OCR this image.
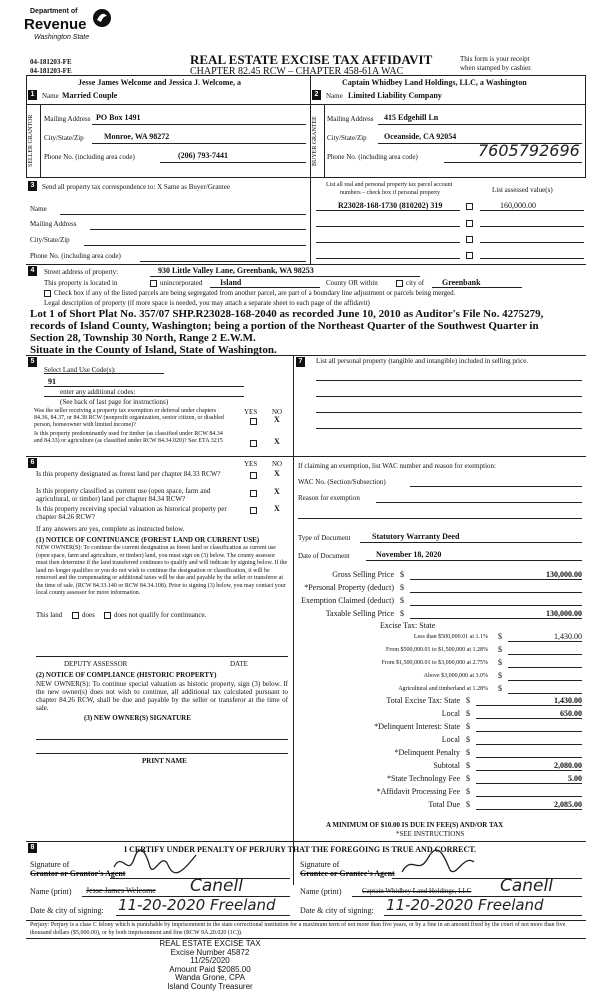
Department of
Revenue
Washington State
04-181203-FE
04-181203-FE
REAL ESTATE EXCISE TAX AFFIDAVIT
CHAPTER 82.45 RCW – CHAPTER 458-61A WAC
This form is your receipt
when stamped by cashier.
1	Name
Jesse James Welcome and Jessica J. Welcome, a
Married Couple
SELLER GRANTOR	Mailing Address PO Box 1491
City/State/Zip	Monroe, WA 98272
Phone No. (including area code)	(206) 793-7441
2	Name
Captain Whidbey Land Holdings, LLC, a Washington
Limited Liability Company
BUYER GRANTEE	Mailing Address 415 Edgehill Ln
City/State/Zip Oceanside, CA 92054
Phone No. (including area code)	7605792696
3	Send all property tax correspondence to: X Same as Buyer/Grantee
Name
Mailing Address
City/State/Zip
Phone No. (including area code)
List all real and personal property tax parcel account
numbers – check box if personal property	List assessed value(s)
R23028-168-1730 (810202) 319	160,000.00
4	Street address of property:	930 Little Valley Lane, Greenbank, WA 98253
This property is located in	unincorporated Island	County OR within	city of Greenbank
Check box if any of the listed parcels are being segregated from another parcel, are part of a boundary line adjustment or parcels being merged.
Legal description of property (if more space is needed, you may attach a separate sheet to each page of the affidavit)
Lot 1 of Short Plat No. 357/07 SHP.R23028-168-2040 as recorded June 10, 2010 as Auditor's File No. 4275279,
records of Island County, Washington; being a portion of the Northeast Quarter of the Southwest Quarter in
Section 28, Township 30 North, Range 2 E.W.M.
Situate in the County of Island, State of Washington.
5
Select Land Use Code(s):
91
enter any additional codes:
(See back of last page for instructions)
YES NO
Was the seller receiving a property tax exemption or deferral under chapters 84.36, 84.37, or 84.38 RCW (nonprofit organization, senior citizen, or disabled person, homeowner with limited income)?
X
Is this property predominantly used for timber (as classified under RCW 84.34 and 84.33) or agriculture (as classified under RCW 84.34.020)? See ETA 3215	X
7	List all personal property (tangible and intangible) included in selling price.
6	YES NO
Is this property designated as forest land per chapter 84.33 RCW?	X
Is this property classified as current use (open space, farm and agricultural, or timber) land per chapter 84.34 RCW?
X
Is this property receiving special valuation as historical property per chapter 84.26 RCW?
X
If any answers are yes, complete as instructed below.
(1) NOTICE OF CONTINUANCE (FOREST LAND OR CURRENT USE)
NEW OWNER(S): To continue the current designation as forest land or classification as current use (open space, farm and agriculture, or timber) land, you must sign on (3) below. The county assessor must then determine if the land transferred continues to qualify and will indicate by signing below. If the land no longer qualifies or you do not wish to continue the designation or classification, it will be removed and the compensating or additional taxes will be due and payable by the seller or transferor at the time of sale. (RCW 84.33.140 or RCW 84.34.108). Prior to signing (3) below, you may contact your local county assessor for more information.
This land	does	does not qualify for continuance.
DEPUTY ASSESSOR	DATE
(2) NOTICE OF COMPLIANCE (HISTORIC PROPERTY)
NEW OWNER(S): To continue special valuation as historic property, sign (3) below. If the new owner(s) does not wish to continue, all additional tax calculated pursuant to chapter 84.26 RCW, shall be due and payable by the seller or transferor at the time of sale.
(3) NEW OWNER(S) SIGNATURE
PRINT NAME
If claiming an exemption, list WAC number and reason for exemption:
WAC No. (Section/Subsection)
Reason for exemption
Type of Document	Statutory Warranty Deed
Date of Document	November 18, 2020
Gross Selling Price $	130,000.00
*Personal Property (deduct) $
Exemption Claimed (deduct) $
Taxable Selling Price $	130,000.00
Excise Tax: State
Less than $500,000.01 at 1.1% $	1,430.00
From $500,000.01 to $1,500,000 at 1.28% $
From $1,500,000.01 to $3,000,000 at 2.75% $
Above $3,000,000 at 3.0% $
Agricultural and timberland at 1.28% $
Total Excise Tax: State $	1,430.00
Local $	650.00
*Delinquent Interest: State $
Local $
*Delinquent Penalty $
Subtotal $	2,080.00
*State Technology Fee $	5.00
*Affidavit Processing Fee $
Total Due $	2,085.00
A MINIMUM OF $10.00 IS DUE IN FEE(S) AND/OR TAX
*SEE INSTRUCTIONS
8	I CERTIFY UNDER PENALTY OF PERJURY THAT THE FOREGOING IS TRUE AND CORRECT.
Signature of
Grantor or Grantor's Agent
Name (print) Jesse James Welcome Canell
Date & city of signing: 11-20-2020 Freeland
Signature of
Grantee or Grantee's Agent
Name (print)	Captain Whidbey Land Holdings, LLC Canell
Date & city of signing: 11-20-2020 Freeland
Perjury: Perjury is a class C felony which is punishable by imprisonment in the state correctional institution for a maximum term of not more than five years, or by a fine in an amount fixed by the court of not more than five thousand dollars ($5,000.00), or by both imprisonment and fine (RCW 9A.20.020 (1C)).
REAL ESTATE EXCISE TAX
Excise Number 45872
11/25/2020
Amount Paid $2085.00
Wanda Grone, CPA
Island County Treasurer
